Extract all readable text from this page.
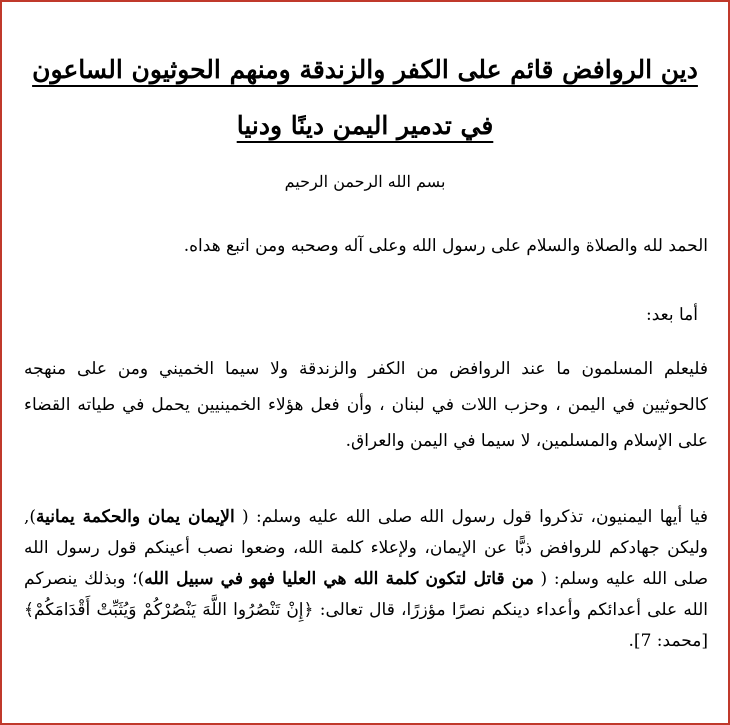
دين الروافض قائم على الكفر والزندقة ومنهم الحوثيون الساعون في تدمير اليمن دينًا ودنيا

بسم الله الرحمن الرحيم

الحمد لله والصلاة والسلام على رسول الله وعلى آله وصحبه ومن اتبع هداه.

أما بعد:

فليعلم المسلمون ما عند الروافض من الكفر والزندقة ولا سيما الخميني ومن على منهجه كالحوثيين في اليمن ، وحزب اللات في لبنان ، وأن فعل هؤلاء الخمينيين يحمل في طياته القضاء على الإسلام والمسلمين، لا سيما في اليمن والعراق.

فيا أيها اليمنيون، تذكروا قول رسول الله صلى الله عليه وسلم: ( الإيمان يمان والحكمة يمانية), وليكن جهادكم للروافض ذبًّا عن الإيمان، ولإعلاء كلمة الله، وضعوا نصب أعينكم قول رسول الله صلى الله عليه وسلم: ( من قاتل لتكون كلمة الله هي العليا فهو في سبيل الله)؛ وبذلك ينصركم الله على أعدائكم وأعداء دينكم نصرًا مؤزرًا، قال تعالى: ﴿إِنْ تَنْصُرُوا اللَّهَ يَنْصُرْكُمْ وَيُثَبِّتْ أَقْدَامَكُمْ﴾ [محمد: 7].
